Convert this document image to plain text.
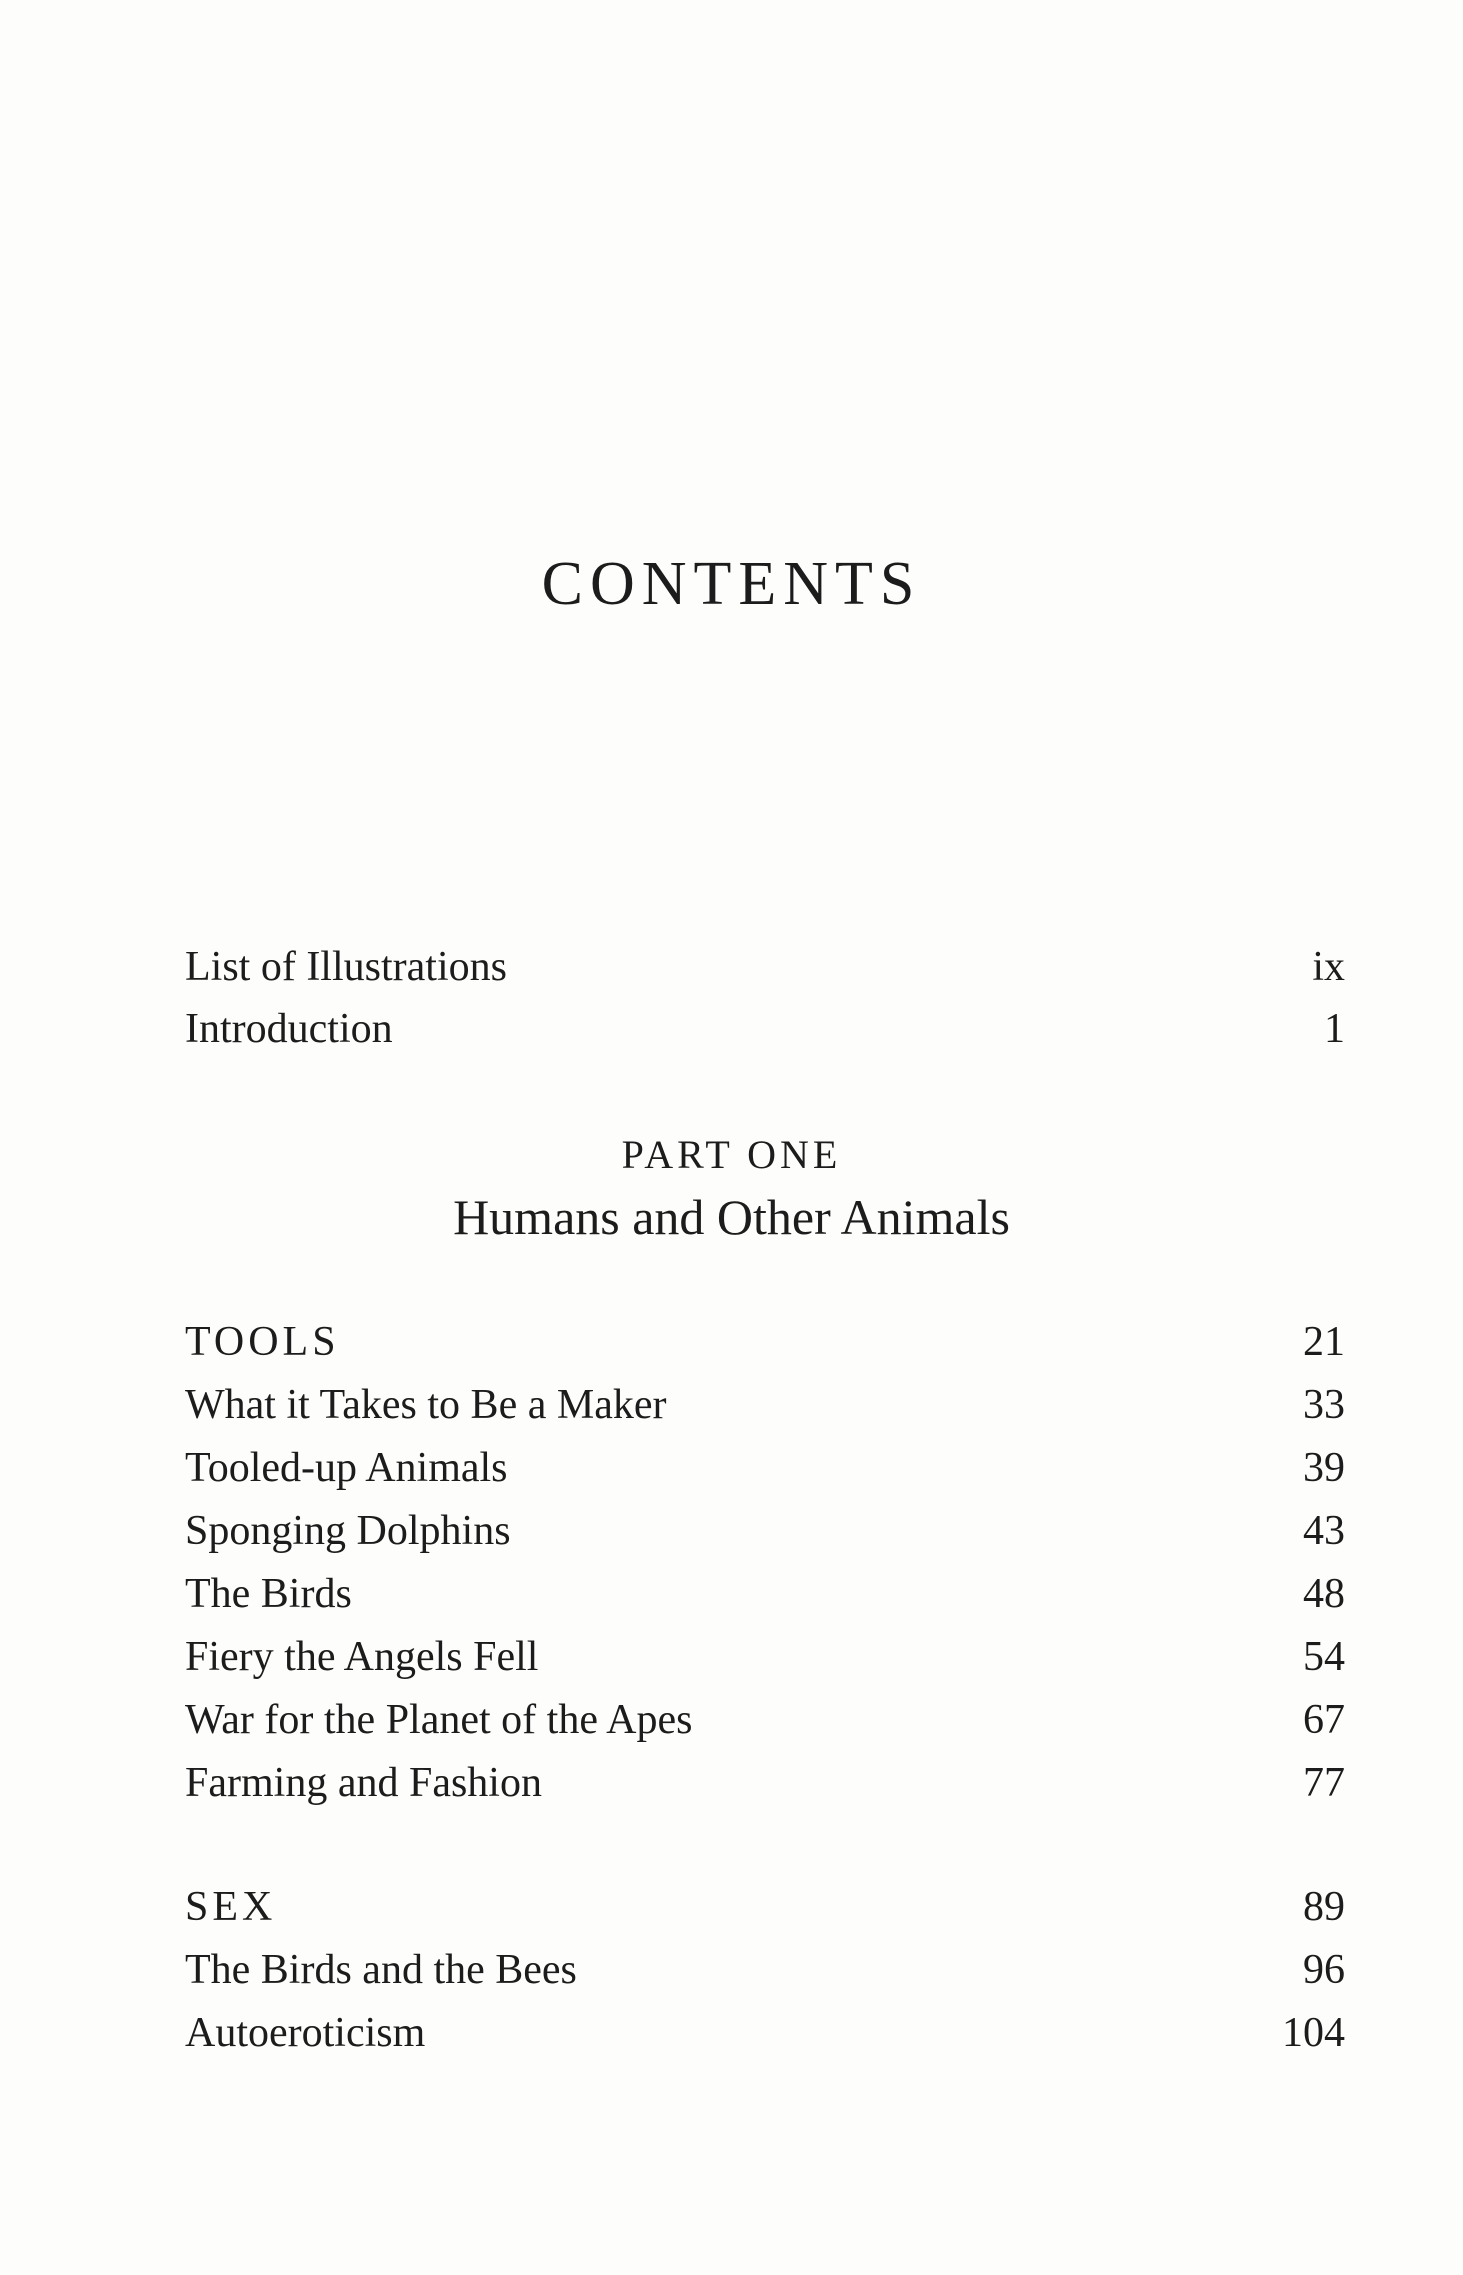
CONTENTS
List of Illustrations	ix
Introduction	1
PART ONE
Humans and Other Animals
TOOLS	21
What it Takes to Be a Maker	33
Tooled-up Animals	39
Sponging Dolphins	43
The Birds	48
Fiery the Angels Fell	54
War for the Planet of the Apes	67
Farming and Fashion	77
SEX	89
The Birds and the Bees	96
Autoeroticism	104
